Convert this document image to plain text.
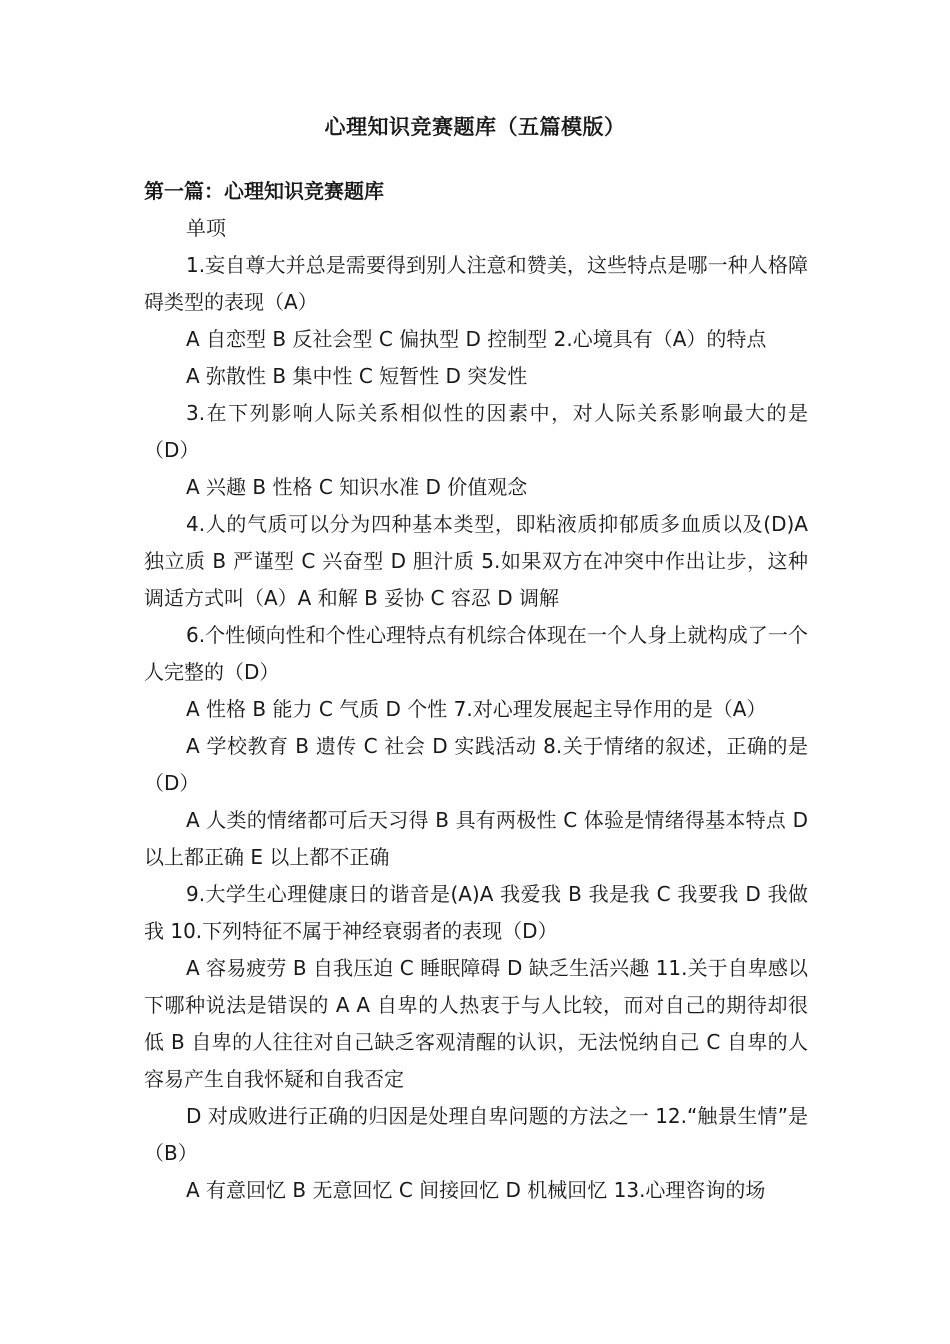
心理知识竞赛题库（五篇模版）
第一篇：心理知识竞赛题库

单项

1.妄自尊大并总是需要得到别人注意和赞美，这些特点是哪一种人格障碍类型的表现（A）

A 自恋型 B 反社会型 C 偏执型 D 控制型 2.心境具有（A）的特点

A 弥散性 B 集中性 C 短暂性 D 突发性

3.在下列影响人际关系相似性的因素中，对人际关系影响最大的是（D）

A 兴趣 B 性格 C 知识水准 D 价值观念

4.人的气质可以分为四种基本类型，即粘液质抑郁质多血质以及(D)A 独立质 B 严谨型 C 兴奋型 D 胆汁质 5.如果双方在冲突中作出让步，这种调适方式叫（A）A 和解 B 妥协 C 容忍 D 调解

6.个性倾向性和个性心理特点有机综合体现在一个人身上就构成了一个人完整的（D）

A 性格 B 能力 C 气质 D 个性 7.对心理发展起主导作用的是（A）

A 学校教育 B 遗传 C 社会 D 实践活动 8.关于情绪的叙述，正确的是（D）

A 人类的情绪都可后天习得 B 具有两极性 C 体验是情绪得基本特点 D 以上都正确 E 以上都不正确

9.大学生心理健康日的谐音是(A)A 我爱我 B 我是我 C 我要我 D 我做我 10.下列特征不属于神经衰弱者的表现（D）

A 容易疲劳 B 自我压迫 C 睡眠障碍 D 缺乏生活兴趣 11.关于自卑感以下哪种说法是错误的 A A 自卑的人热衷于与人比较，而对自己的期待却很低 B 自卑的人往往对自己缺乏客观清醒的认识，无法悦纳自己 C 自卑的人容易产生自我怀疑和自我否定

D 对成败进行正确的归因是处理自卑问题的方法之一 12.“触景生情”是（B）

A 有意回忆 B 无意回忆 C 间接回忆 D 机械回忆 13.心理咨询的场
